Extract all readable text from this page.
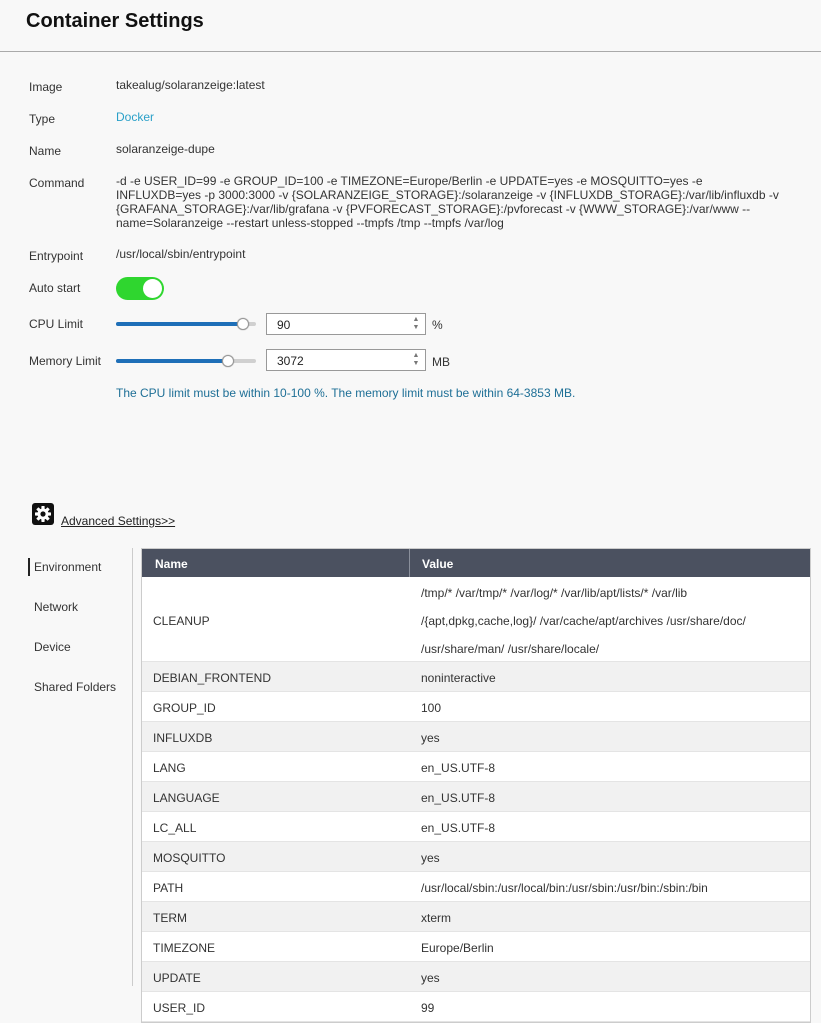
Container Settings
Image	takealug/solaranzeige:latest
Type	Docker
Name	solaranzeige-dupe
Command	-d -e USER_ID=99 -e GROUP_ID=100 -e TIMEZONE=Europe/Berlin -e UPDATE=yes -e MOSQUITTO=yes -e INFLUXDB=yes -p 3000:3000 -v {SOLARANZEIGE_STORAGE}:/solaranzeige -v {INFLUXDB_STORAGE}:/var/lib/influxdb -v {GRAFANA_STORAGE}:/var/lib/grafana -v {PVFORECAST_STORAGE}:/pvforecast -v {WWW_STORAGE}:/var/www --name=Solaranzeige --restart unless-stopped --tmpfs /tmp --tmpfs /var/log
Entrypoint	/usr/local/sbin/entrypoint
Auto start
CPU Limit	90	▲
▼ %
Memory Limit	3072	▲
▼ MB
The CPU limit must be within 10-100 %. The memory limit must be within 64-3853 MB.
Advanced Settings>>
Environment
Network
Device
Shared Folders
Name	Value
CLEANUP
/tmp/* /var/tmp/* /var/log/* /var/lib/apt/lists/* /var/lib
/{apt,dpkg,cache,log}/ /var/cache/apt/archives /usr/share/doc/
/usr/share/man/ /usr/share/locale/
DEBIAN_FRONTEND	noninteractive
GROUP_ID	100
INFLUXDB	yes
LANG	en_US.UTF-8
LANGUAGE	en_US.UTF-8
LC_ALL	en_US.UTF-8
MOSQUITTO	yes
PATH	/usr/local/sbin:/usr/local/bin:/usr/sbin:/usr/bin:/sbin:/bin
TERM	xterm
TIMEZONE	Europe/Berlin
UPDATE	yes
USER_ID	99
